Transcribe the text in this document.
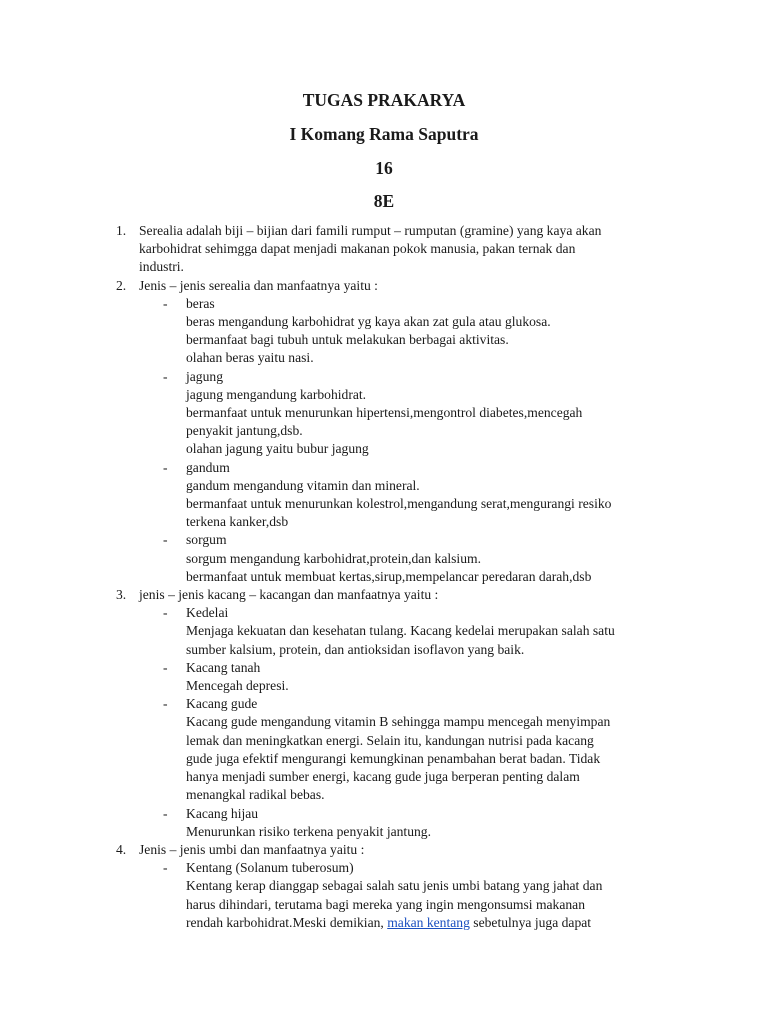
TUGAS PRAKARYA
I Komang Rama Saputra
16
8E
1. Serealia adalah biji – bijian dari famili rumput – rumputan (gramine) yang kaya akan
karbohidrat sehimgga dapat menjadi makanan pokok manusia, pakan ternak dan
industri.
2. Jenis – jenis serealia dan manfaatnya yaitu :
- beras
beras mengandung karbohidrat yg kaya akan zat gula atau glukosa.
bermanfaat bagi tubuh untuk melakukan berbagai aktivitas.
olahan beras yaitu nasi.
- jagung
jagung mengandung karbohidrat.
bermanfaat untuk menurunkan hipertensi,mengontrol diabetes,mencegah
penyakit jantung,dsb.
olahan jagung yaitu bubur jagung
- gandum
gandum mengandung vitamin dan mineral.
bermanfaat untuk menurunkan kolestrol,mengandung serat,mengurangi resiko
terkena kanker,dsb
- sorgum
sorgum mengandung karbohidrat,protein,dan kalsium.
bermanfaat untuk membuat kertas,sirup,mempelancar peredaran darah,dsb
3. jenis – jenis kacang – kacangan dan manfaatnya yaitu :
- Kedelai
Menjaga kekuatan dan kesehatan tulang. Kacang kedelai merupakan salah satu
sumber kalsium, protein, dan antioksidan isoflavon yang baik.
- Kacang tanah
Mencegah depresi.
- Kacang gude
Kacang gude mengandung vitamin B sehingga mampu mencegah menyimpan
lemak dan meningkatkan energi. Selain itu, kandungan nutrisi pada kacang
gude juga efektif mengurangi kemungkinan penambahan berat badan. Tidak
hanya menjadi sumber energi, kacang gude juga berperan penting dalam
menangkal radikal bebas.
- Kacang hijau
Menurunkan risiko terkena penyakit jantung.
4. Jenis – jenis umbi dan manfaatnya yaitu :
- Kentang (Solanum tuberosum)
Kentang kerap dianggap sebagai salah satu jenis umbi batang yang jahat dan
harus dihindari, terutama bagi mereka yang ingin mengonsumsi makanan
rendah karbohidrat.Meski demikian, makan kentang sebetulnya juga dapat
